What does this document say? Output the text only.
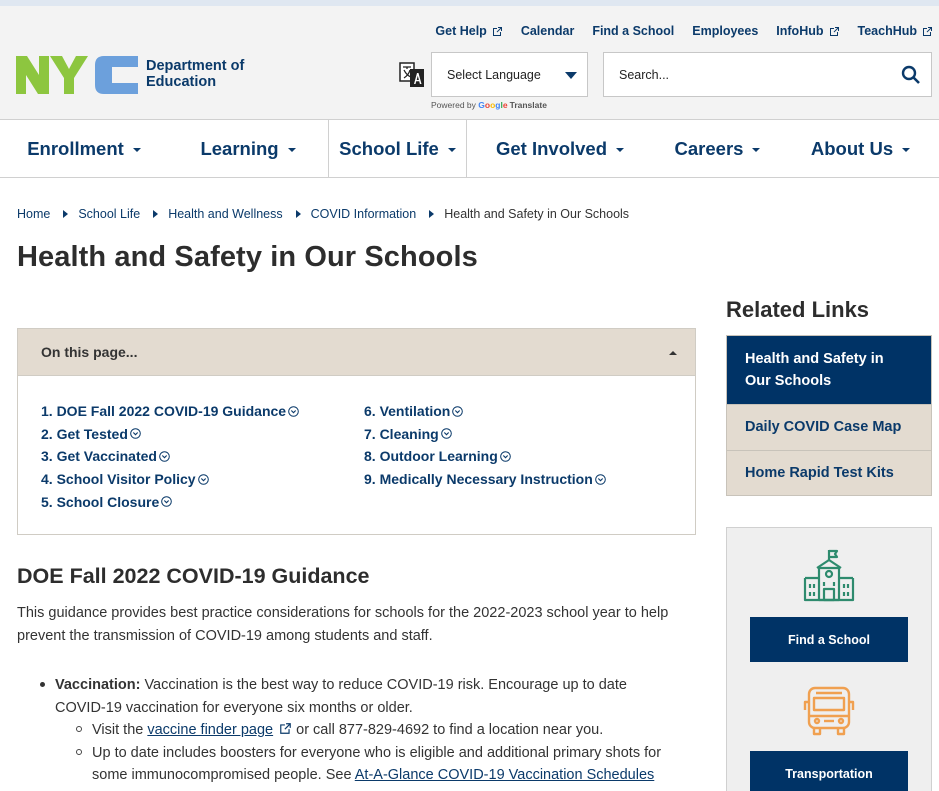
Get Help	Calendar Find a School Employees InfoHub	TeachHub
Department of
Education	Select Language
Powered by Google Translate
Search...
Enrollment	Learning	School Life	Get Involved	Careers	About Us
Home School Life Health and Wellness COVID Information Health and Safety in Our Schools
Health and Safety in Our Schools
On this page...
1. DOE Fall 2022 COVID-19 Guidance
2. Get Tested
3. Get Vaccinated
4. School Visitor Policy
5. School Closure
6. Ventilation
7. Cleaning
8. Outdoor Learning
9. Medically Necessary Instruction
DOE Fall 2022 COVID-19 Guidance
This guidance provides best practice considerations for schools for the 2022-2023 school year to help
prevent the transmission of COVID-19 among students and staff.
Vaccination: Vaccination is the best way to reduce COVID-19 risk. Encourage up to date
COVID-19 vaccination for everyone six months or older.
Visit the vaccine finder page
or call 877-829-4692 to find a location near you.
Up to date includes boosters for everyone who is eligible and additional primary shots for
some immunocompromised people. See At-A-Glance COVID-19 Vaccination Schedules
Related Links
Health and Safety in Our Schools
Daily COVID Case Map
Home Rapid Test Kits
Find a School
Transportation
